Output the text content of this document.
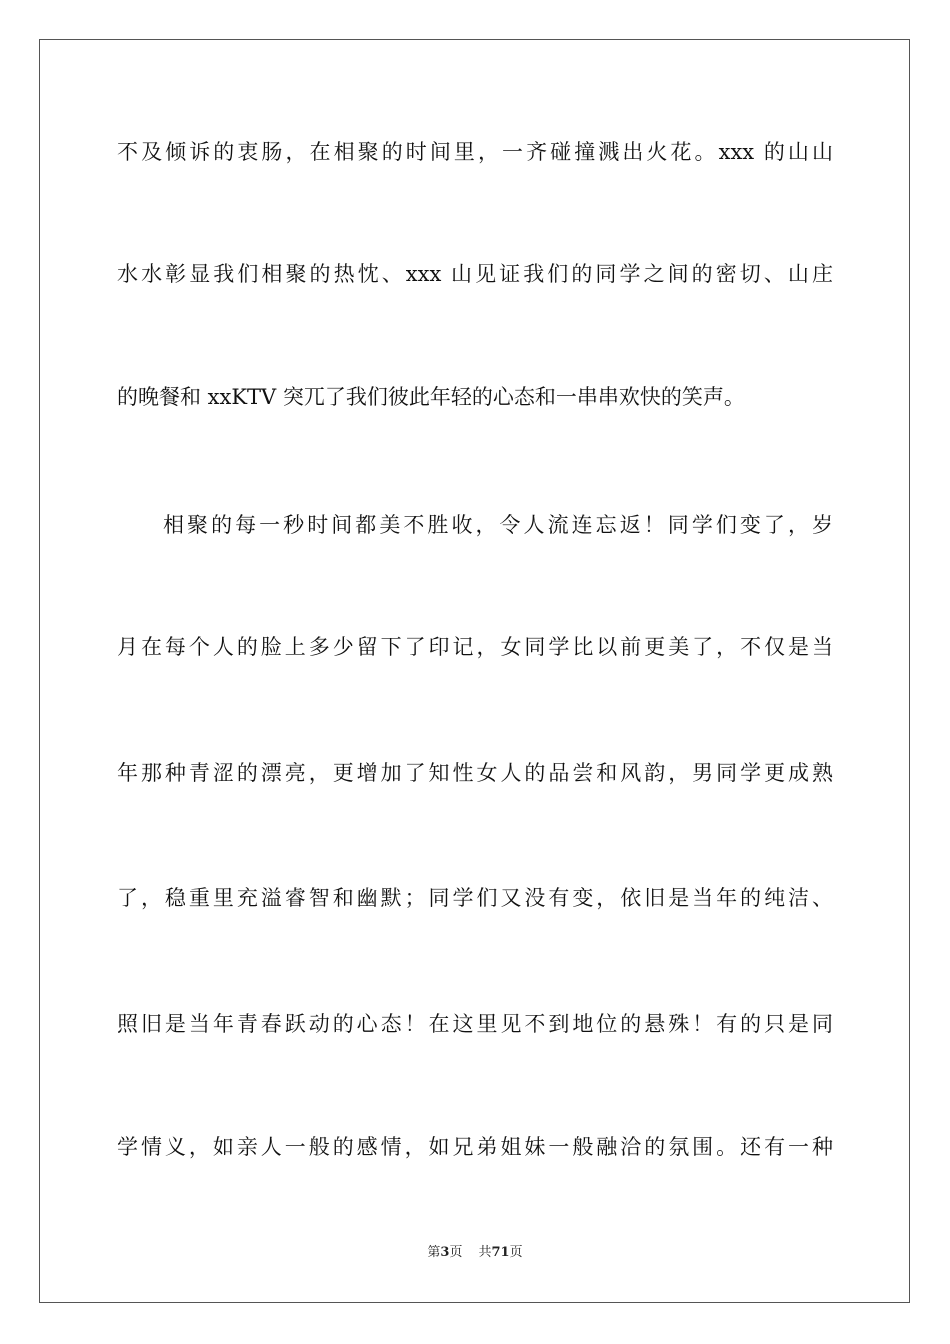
不及倾诉的衷肠，在相聚的时间里，一齐碰撞溅出火花。xxx 的山山
水水彰显我们相聚的热忱、xxx 山见证我们的同学之间的密切、山庄
的晚餐和 xxKTV 突兀了我们彼此年轻的心态和一串串欢快的笑声。
相聚的每一秒时间都美不胜收，令人流连忘返！同学们变了，岁
月在每个人的脸上多少留下了印记，女同学比以前更美了，不仅是当
年那种青涩的漂亮，更增加了知性女人的品尝和风韵，男同学更成熟
了，稳重里充溢睿智和幽默；同学们又没有变，依旧是当年的纯洁、
照旧是当年青春跃动的心态！在这里见不到地位的悬殊！有的只是同
学情义，如亲人一般的感情，如兄弟姐妹一般融洽的氛围。还有一种
第3页 共71页
